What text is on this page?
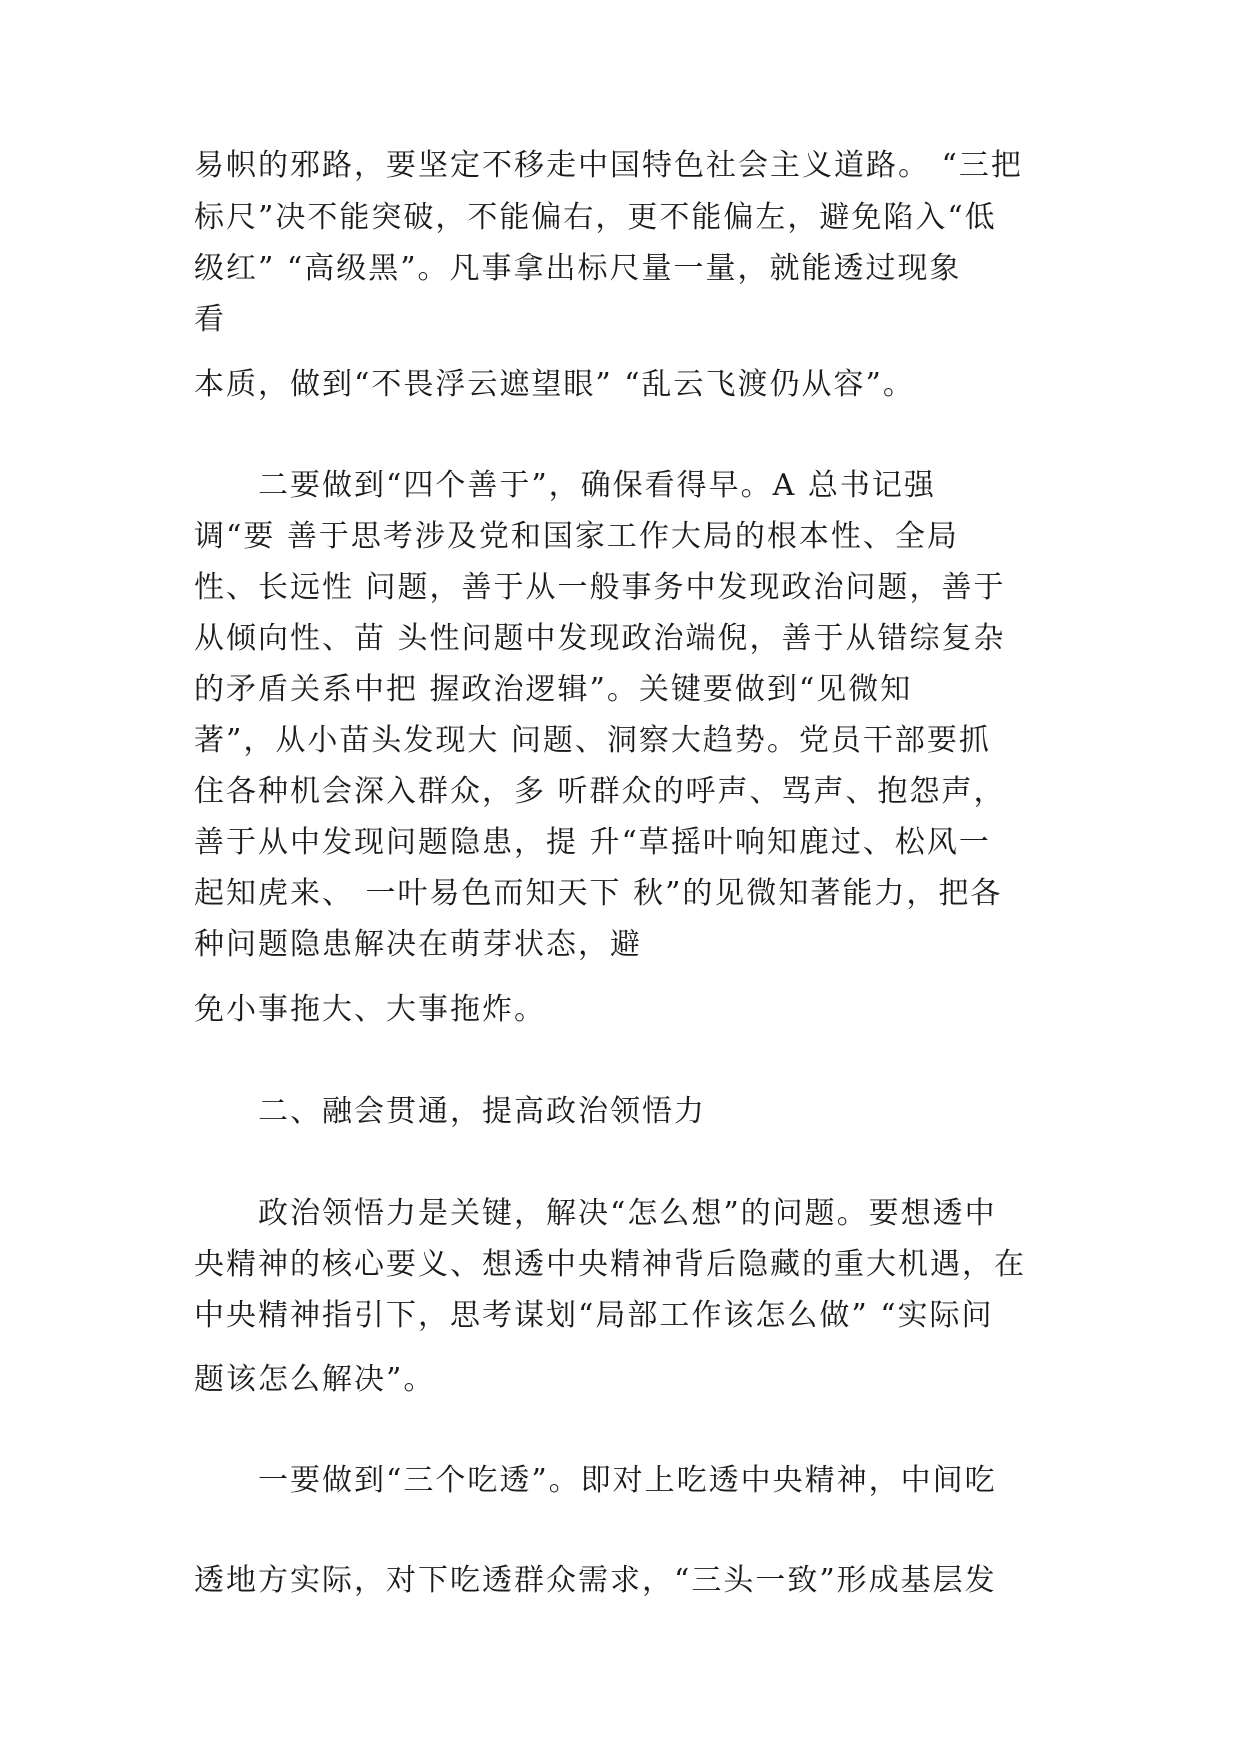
易帜的邪路，要坚定不移走中国特色社会主义道路。 “三把
标尺”决不能突破，不能偏右，更不能偏左，避免陷入“低
级红” “高级黑”。凡事拿出标尺量一量，就能透过现象
看
本质，做到“不畏浮云遮望眼” “乱云飞渡仍从容”。
二要做到“四个善于”，确保看得早。A 总书记强
调“要 善于思考涉及党和国家工作大局的根本性、全局
性、长远性 问题，善于从一般事务中发现政治问题，善于
从倾向性、苗 头性问题中发现政治端倪，善于从错综复杂
的矛盾关系中把 握政治逻辑”。关键要做到“见微知
著”，从小苗头发现大 问题、洞察大趋势。党员干部要抓
住各种机会深入群众，多 听群众的呼声、骂声、抱怨声，
善于从中发现问题隐患，提 升“草摇叶响知鹿过、松风一
起知虎来、 一叶易色而知天下 秋”的见微知著能力，把各
种问题隐患解决在萌芽状态，避
免小事拖大、大事拖炸。
二、融会贯通，提高政治领悟力
政治领悟力是关键，解决“怎么想”的问题。要想透中
央精神的核心要义、想透中央精神背后隐藏的重大机遇，在
中央精神指引下，思考谋划“局部工作该怎么做” “实际问
题该怎么解决”。
一要做到“三个吃透”。即对上吃透中央精神，中间吃
透地方实际，对下吃透群众需求，“三头一致”形成基层发
